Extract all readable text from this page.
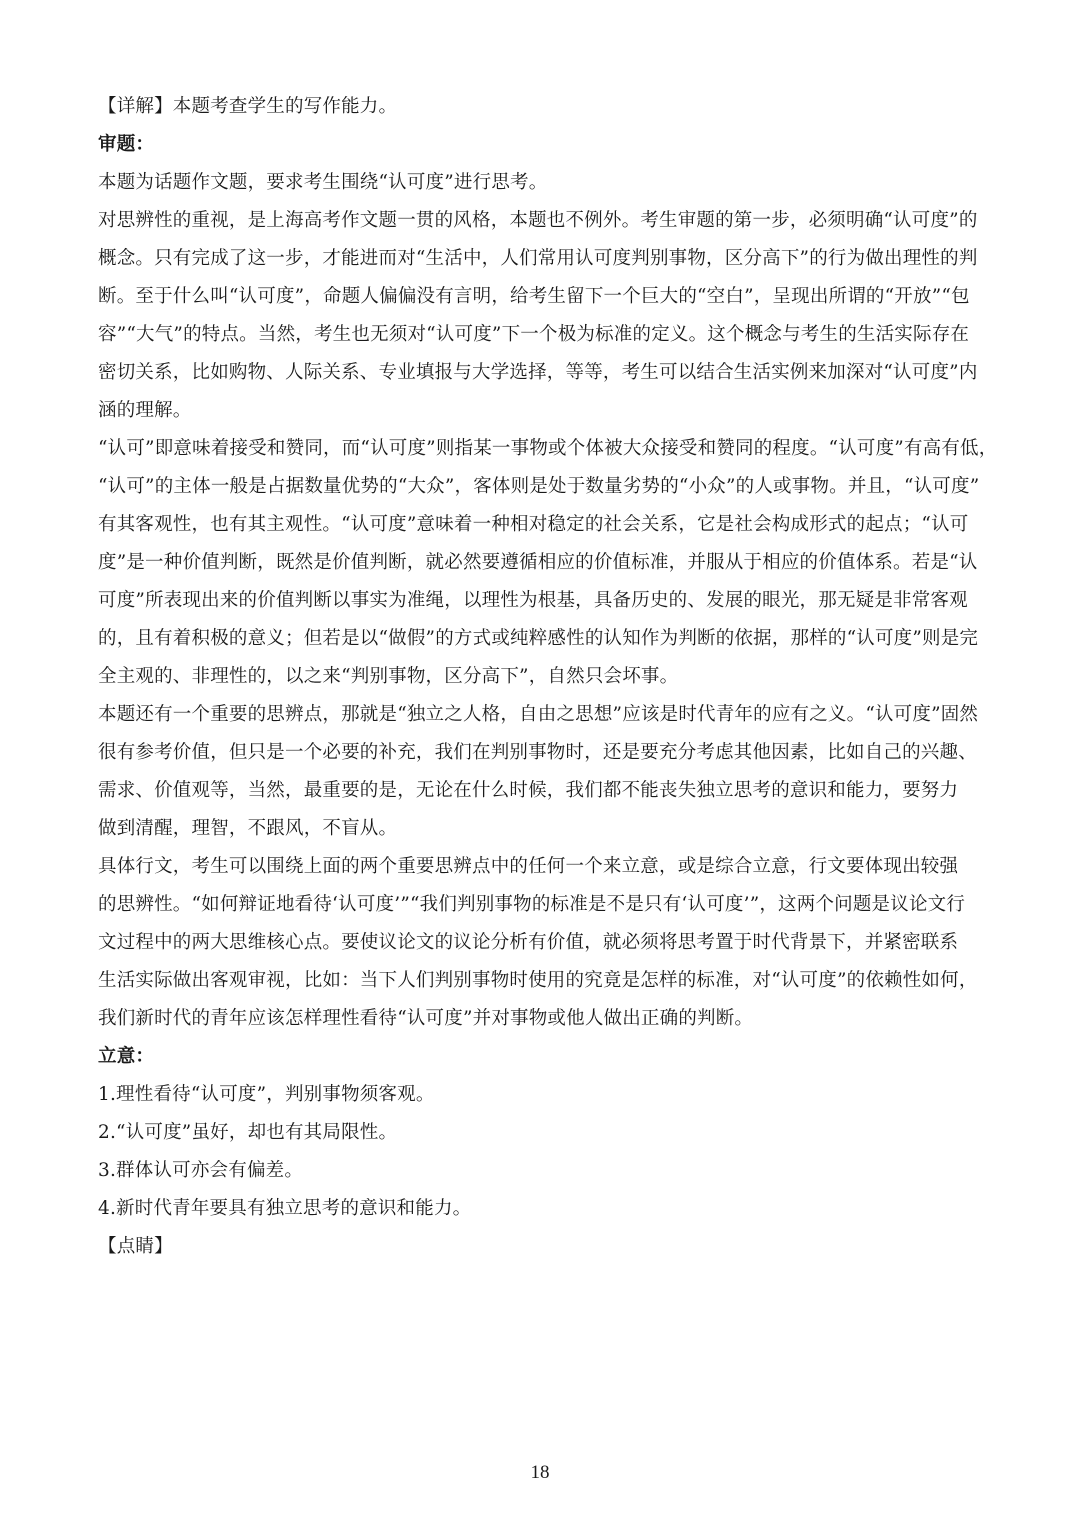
【详解】本题考查学生的写作能力。
审题：
本题为话题作文题，要求考生围绕“认可度”进行思考。
对思辨性的重视，是上海高考作文题一贯的风格，本题也不例外。考生审题的第一步，必须明确“认可度”的
概念。只有完成了这一步，才能进而对“生活中，人们常用认可度判别事物，区分高下”的行为做出理性的判
断。至于什么叫“认可度”，命题人偏偏没有言明，给考生留下一个巨大的“空白”，呈现出所谓的“开放”“包
容”“大气”的特点。当然，考生也无须对“认可度”下一个极为标准的定义。这个概念与考生的生活实际存在
密切关系，比如购物、人际关系、专业填报与大学选择，等等，考生可以结合生活实例来加深对“认可度”内
涵的理解。
“认可”即意味着接受和赞同，而“认可度”则指某一事物或个体被大众接受和赞同的程度。“认可度”有高有低，
“认可”的主体一般是占据数量优势的“大众”，客体则是处于数量劣势的“小众”的人或事物。并且，“认可度”
有其客观性，也有其主观性。“认可度”意味着一种相对稳定的社会关系，它是社会构成形式的起点；“认可
度”是一种价值判断，既然是价值判断，就必然要遵循相应的价值标准，并服从于相应的价值体系。若是“认
可度”所表现出来的价值判断以事实为准绳，以理性为根基，具备历史的、发展的眼光，那无疑是非常客观
的，且有着积极的意义；但若是以“做假”的方式或纯粹感性的认知作为判断的依据，那样的“认可度”则是完
全主观的、非理性的，以之来“判别事物，区分高下”，自然只会坏事。
本题还有一个重要的思辨点，那就是“独立之人格，自由之思想”应该是时代青年的应有之义。“认可度”固然
很有参考价值，但只是一个必要的补充，我们在判别事物时，还是要充分考虑其他因素，比如自己的兴趣、
需求、价值观等，当然，最重要的是，无论在什么时候，我们都不能丧失独立思考的意识和能力，要努力
做到清醒，理智，不跟风，不盲从。
具体行文，考生可以围绕上面的两个重要思辨点中的任何一个来立意，或是综合立意，行文要体现出较强
的思辨性。“如何辩证地看待‘认可度’”“我们判别事物的标准是不是只有‘认可度’”，这两个问题是议论文行
文过程中的两大思维核心点。要使议论文的议论分析有价值，就必须将思考置于时代背景下，并紧密联系
生活实际做出客观审视，比如：当下人们判别事物时使用的究竟是怎样的标准，对“认可度”的依赖性如何，
我们新时代的青年应该怎样理性看待“认可度”并对事物或他人做出正确的判断。
立意：
1.理性看待“认可度”，判别事物须客观。
2.“认可度”虽好，却也有其局限性。
3.群体认可亦会有偏差。
4.新时代青年要具有独立思考的意识和能力。
【点睛】
18
